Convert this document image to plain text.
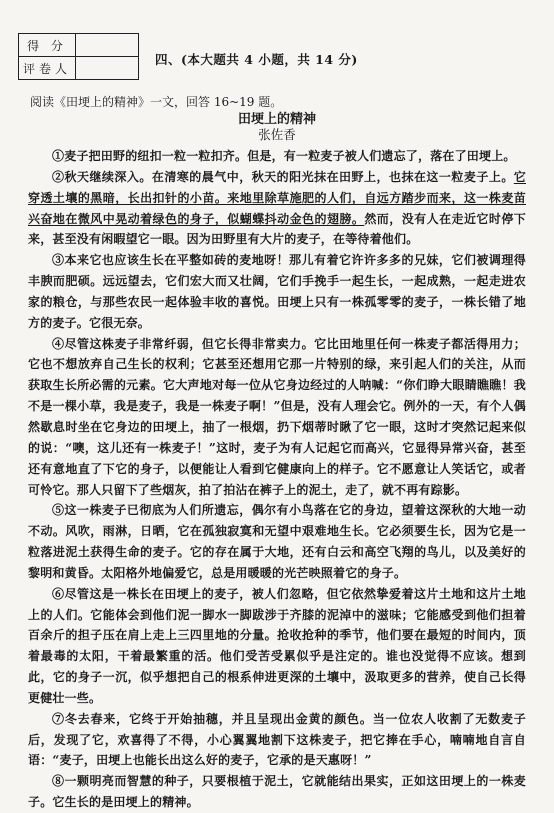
得 分	
评卷人	
四、(本大题共 4 小题，共 14 分)
阅读《田埂上的精神》一文，回答 16~19 题。
田埂上的精神
张佐香

①麦子把田野的纽扣一粒一粒扣齐。但是，有一粒麦子被人们遗忘了，落在了田埂上。

②秋天继续深入。在清寒的晨气中，秋天的阳光抹在田野上，也抹在这一粒麦子上。它穿透土壤的黑暗，长出扣针的小苗。来地里除草施肥的人们，自远方踏步而来，这一株麦苗兴奋地在微风中晃动着绿色的身子，似蝴蝶抖动金色的翅膀。然而，没有人在走近它时停下来，甚至没有闲暇望它一眼。因为田野里有大片的麦子，在等待着他们。

③本来它也应该生长在平整如砖的麦地呀！那儿有着它许许多多的兄妹，它们被调理得丰腴而肥硕。远远望去，它们宏大而又壮阔，它们手挽手一起生长，一起成熟，一起走进农家的粮仓，与那些农民一起体验丰收的喜悦。田埂上只有一株孤零零的麦子，一株长错了地方的麦子。它很无奈。

④尽管这株麦子非常纤弱，但它长得非常卖力。它比田地里任何一株麦子都活得用力；它也不想放弃自己生长的权利；它甚至还想用它那一片特别的绿，来引起人们的关注，从而获取生长所必需的元素。它大声地对每一位从它身边经过的人呐喊：“你们睁大眼睛瞧瞧！我不是一棵小草，我是麦子，我是一株麦子啊！”但是，没有人理会它。例外的一天，有个人偶然歇息时坐在它身边的田埂上，抽了一根烟，扔下烟蒂时瞅了它一眼，这时才突然记起来似的说：“噢，这儿还有一株麦子！”这时，麦子为有人记起它而高兴，它显得异常兴奋，甚至还有意地直了下它的身子，以便能让人看到它健康向上的样子。它不愿意让人笑话它，或者可怜它。那人只留下了些烟灰，拍了拍沾在裤子上的泥土，走了，就不再有踪影。

⑤这一株麦子已彻底为人们所遗忘，偶尔有小鸟落在它的身边，望着这深秋的大地一动不动。风吹，雨淋，日晒，它在孤独寂寞和无望中艰难地生长。它必须要生长，因为它是一粒落进泥土获得生命的麦子。它的存在属于大地，还有白云和高空飞翔的鸟儿，以及美好的黎明和黄昏。太阳格外地偏爱它，总是用暖暖的光芒映照着它的身子。

⑥尽管这是一株长在田埂上的麦子，被人们忽略，但它依然挚爱着这片土地和这片土地上的人们。它能体会到他们泥一脚水一脚跋涉于齐膝的泥淖中的滋味；它能感受到他们担着百余斤的担子压在肩上走上三四里地的分量。抢收抢种的季节，他们要在最短的时间内，顶着最毒的太阳，干着最繁重的活。他们受苦受累似乎是注定的。谁也没觉得不应该。想到此，它的身子一沉，似乎想把自己的根系伸进更深的土壤中，汲取更多的营养，使自己长得更健壮一些。

⑦冬去春来，它终于开始抽穗，并且呈现出金黄的颜色。当一位农人收割了无数麦子后，发现了它，欢喜得了不得，小心翼翼地割下这株麦子，把它捧在手心，喃喃地自言自语：“麦子，田埂上也能长出这么好的麦子，它承的是天惠呀！”

⑧一颗明亮而智慧的种子，只要根植于泥土，它就能结出果实，正如这田埂上的一株麦子。它生长的是田埂上的精神。
